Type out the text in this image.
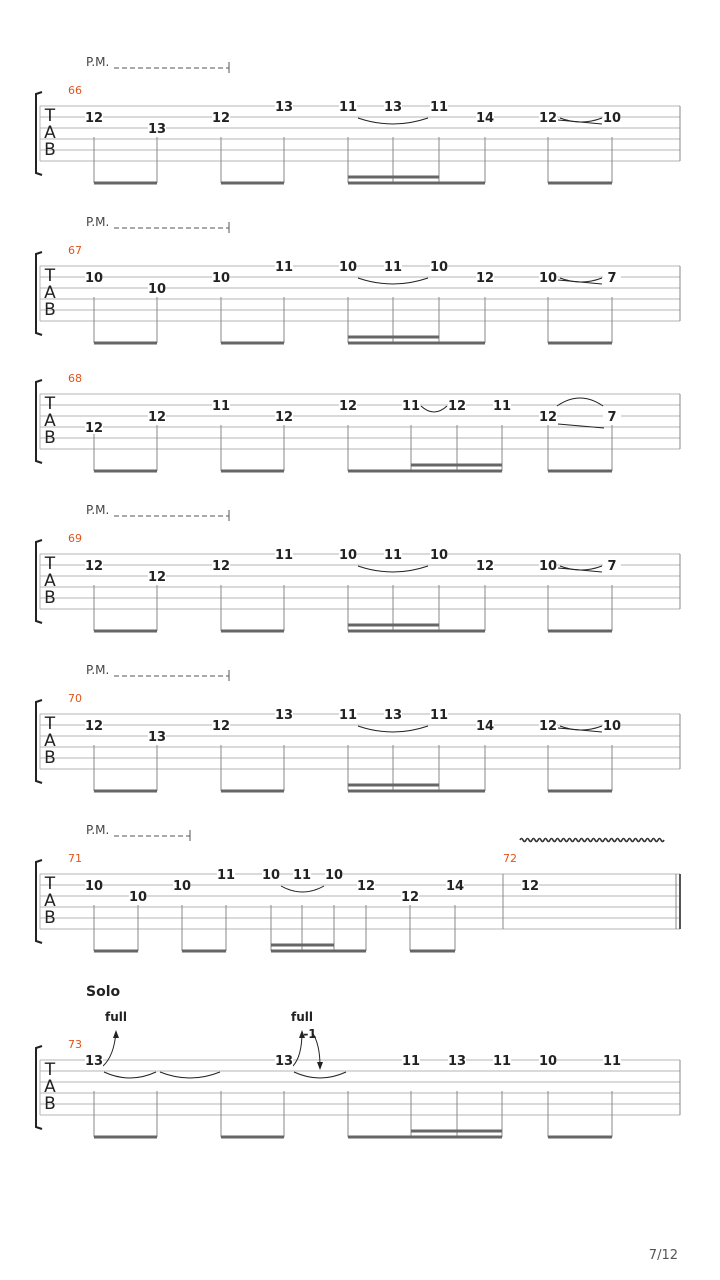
T
A
B
66
P.M.
12
13
12
13	11 13 11
14	12	10
T
A
B
67
P.M.
10
10
10
11	10 11 10
12	10	7
T
A
B
68
12
12
11
12
12	11 12 11
12	7
T
A
B
69
P.M.
12
12
12
11	10 11 10
12	10	7
T
A
B
70
P.M.
12
13
12
13	11 13 11
14	12	10
T
A
B
71	72
P.M.
10
10
10
11 10 11 10
12
12
14	12
T
A
B
73
Solo
full	full
-1
13	13	11 13 11 10	11
7/12
